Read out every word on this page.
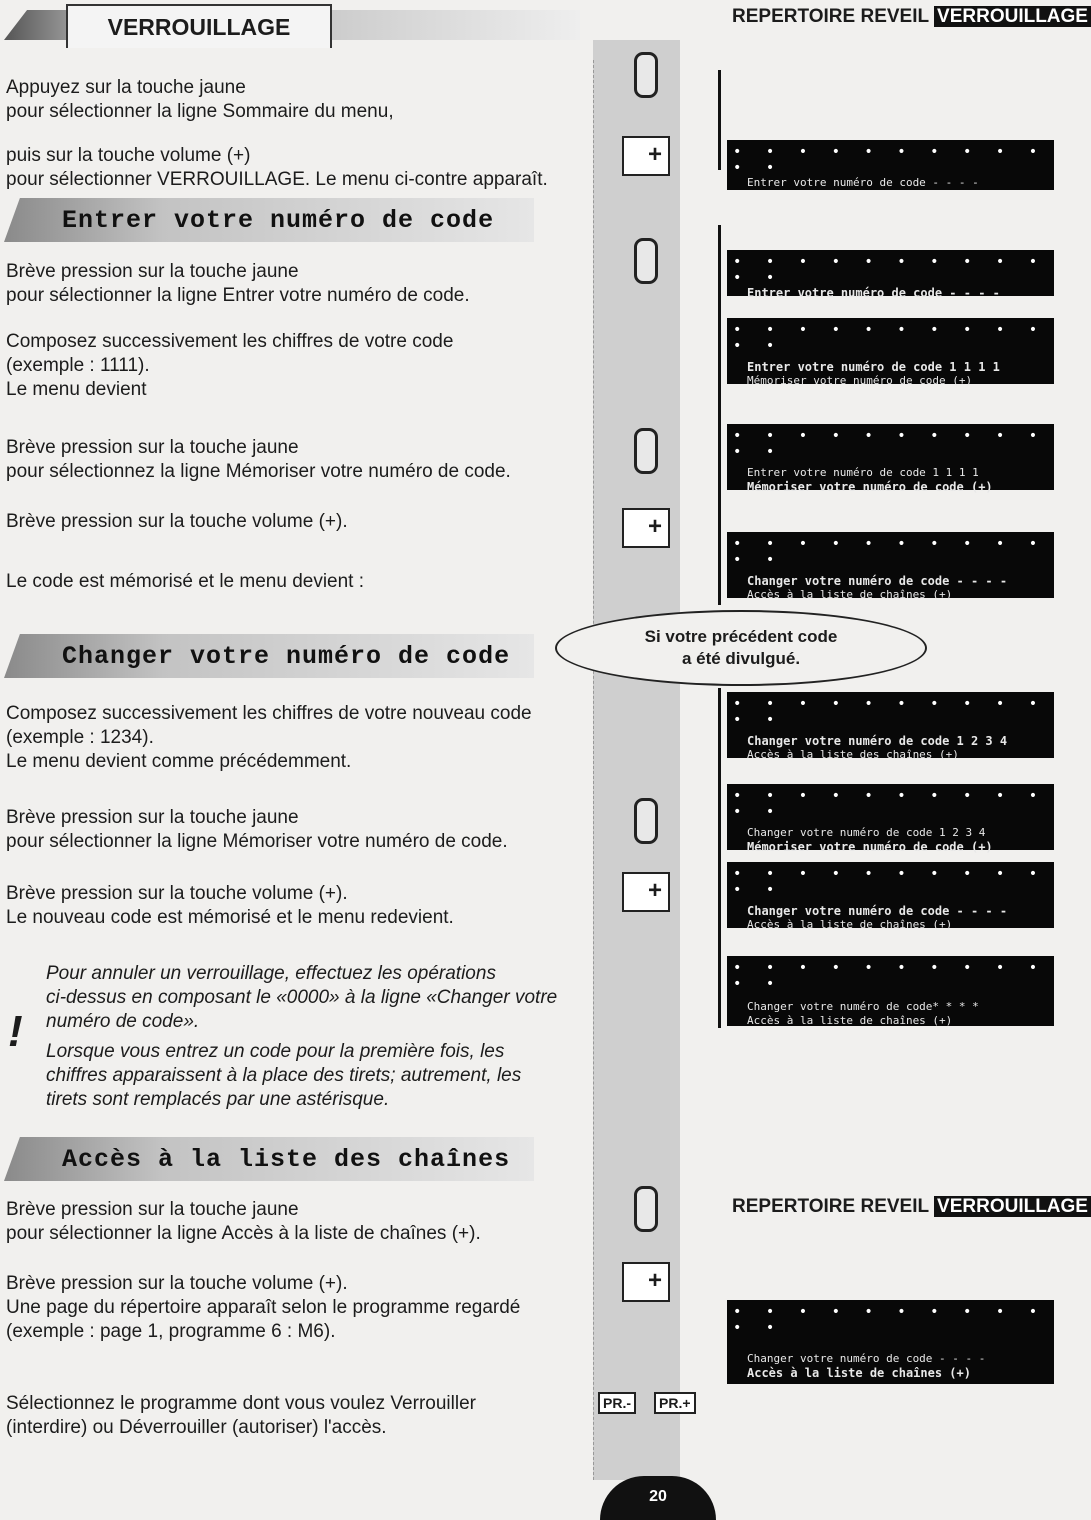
VERROUILLAGE	REPERTOIRE REVEIL VERROUILLAGE
Appuyez sur la touche jaune
pour sélectionner la ligne Sommaire du menu,
puis sur la touche volume (+)
pour sélectionner VERROUILLAGE. Le menu ci-contre apparaît.
+
Entrer votre numéro de code
Brève pression sur la touche jaune
pour sélectionner la ligne Entrer votre numéro de code.
Composez successivement les chiffres de votre code
(exemple : 1111).
Le menu devient
Brève pression sur la touche jaune
pour sélectionnez la ligne Mémoriser votre numéro de code.
Brève pression sur la touche volume (+).
Le code est mémorisé et le menu devient :
+
Si votre précédent code
a été divulgué.
Changer votre numéro de code
Composez successivement les chiffres de votre nouveau code
(exemple : 1234).
Le menu devient comme précédemment.
Brève pression sur la touche jaune
pour sélectionner la ligne Mémoriser votre numéro de code.
Brève pression sur la touche volume (+).
Le nouveau code est mémorisé et le menu redevient.
+
!
Pour annuler un verrouillage, effectuez les opérations
ci-dessus en composant le «0000» à la ligne «Changer votre
numéro de code».
Lorsque vous entrez un code pour la première fois, les
chiffres apparaissent à la place des tirets; autrement, les
tirets sont remplacés par une astérisque.
Accès à la liste des chaînes
Brève pression sur la touche jaune
pour sélectionner la ligne Accès à la liste de chaînes (+).
Brève pression sur la touche volume (+).
Une page du répertoire apparaît selon le programme regardé
(exemple : page 1, programme 6 : M6).
Sélectionnez le programme dont vous voulez Verrouiller
(interdire) ou Déverrouiller (autoriser) l'accès.
+
PR.-	PR.+
REPERTOIRE REVEIL VERROUILLAGE
• • • • • • • • • • • •
Entrer votre numéro de code - - - -
• • • • • • • • • • • •
Entrer votre numéro de code - - - -
• • • • • • • • • • • •
Entrer votre numéro de code 1 1 1 1
Mémoriser votre numéro de code (+)
• • • • • • • • • • • •
Entrer votre numéro de code 1 1 1 1
Mémoriser votre numéro de code (+)
• • • • • • • • • • • •
Changer votre numéro de code - - - -
Accès à la liste de chaînes (+)
• • • • • • • • • • • •
Changer votre numéro de code 1 2 3 4
Accès à la liste des chaînes (+)
• • • • • • • • • • • •
Changer votre numéro de code 1 2 3 4
Mémoriser votre numéro de code (+)
• • • • • • • • • • • •
Changer votre numéro de code - - - -
Accès à la liste de chaînes (+)
• • • • • • • • • • • •
Changer votre numéro de code* * * *
Accès à la liste de chaînes (+)
• • • • • • • • • • • •
Changer votre numéro de code - - - -
Accès à la liste de chaînes (+)
20
